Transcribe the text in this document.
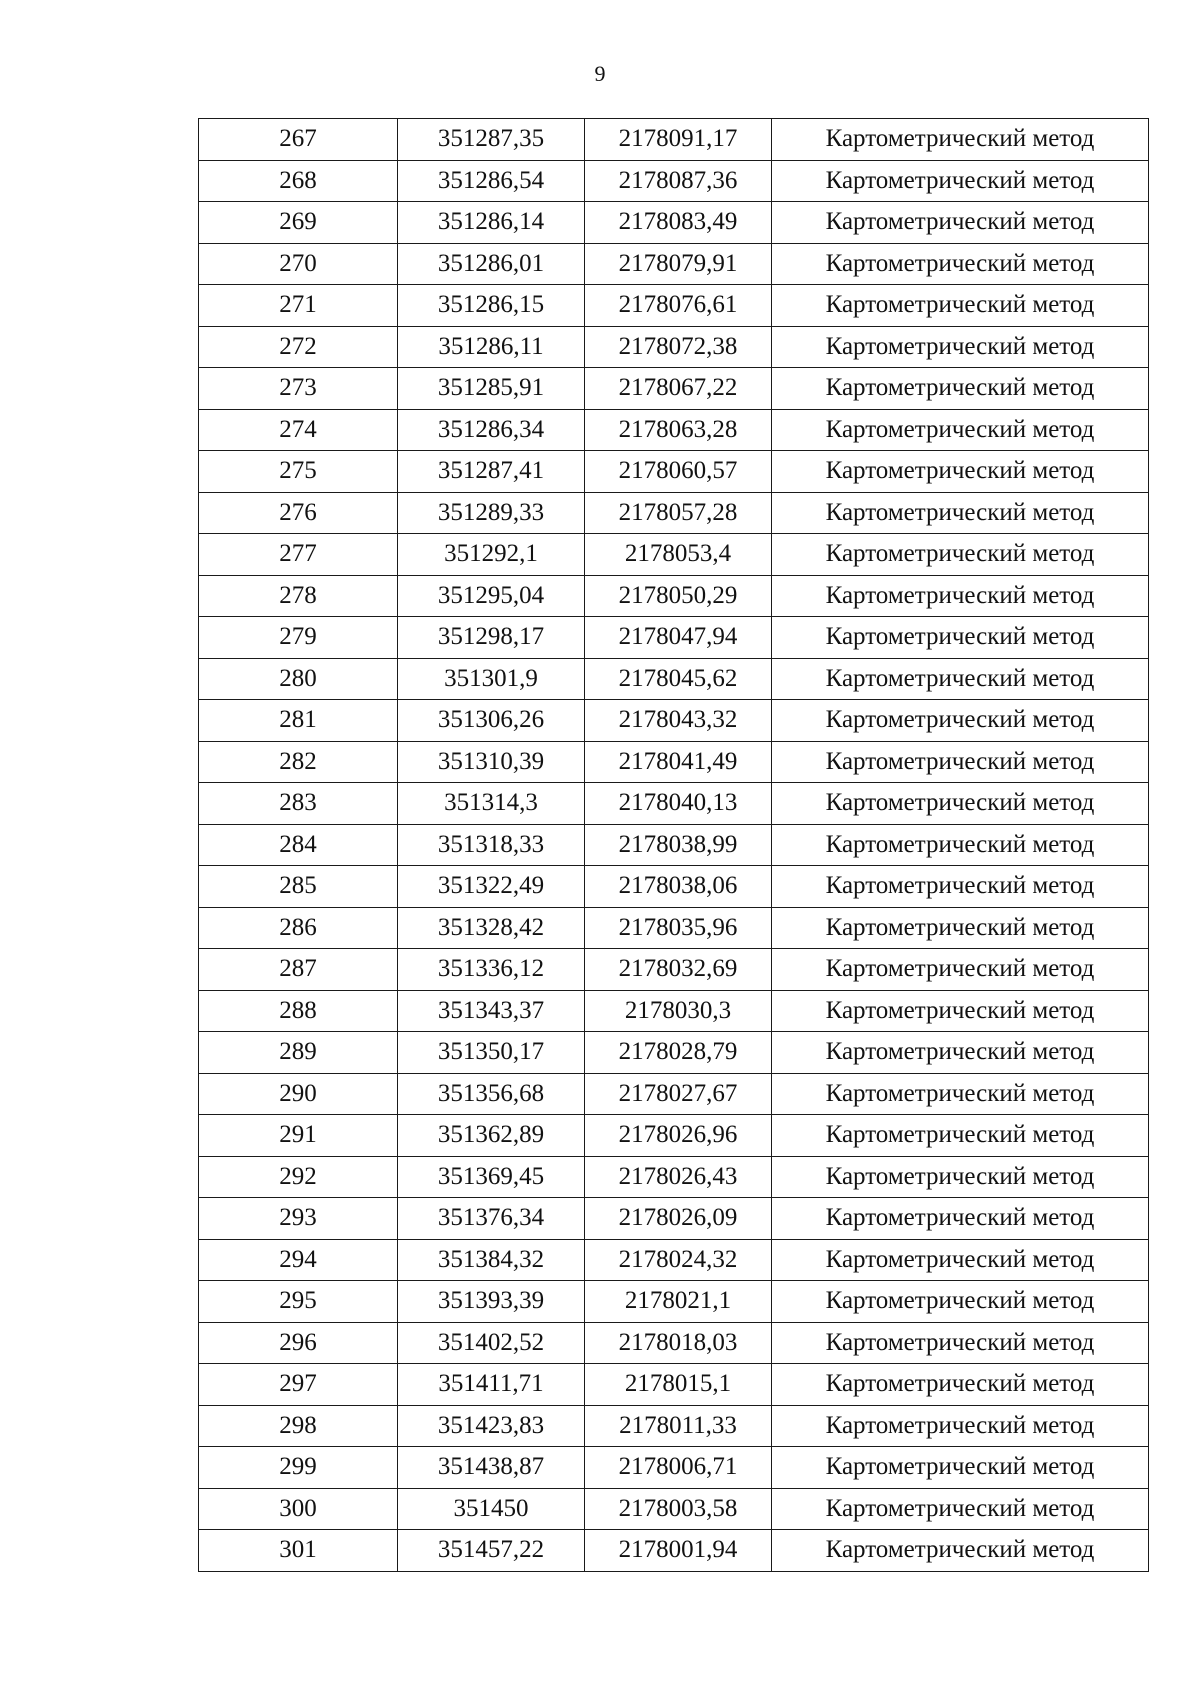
9
267	351287,35	2178091,17	Картометрический метод
268	351286,54	2178087,36	Картометрический метод
269	351286,14	2178083,49	Картометрический метод
270	351286,01	2178079,91	Картометрический метод
271	351286,15	2178076,61	Картометрический метод
272	351286,11	2178072,38	Картометрический метод
273	351285,91	2178067,22	Картометрический метод
274	351286,34	2178063,28	Картометрический метод
275	351287,41	2178060,57	Картометрический метод
276	351289,33	2178057,28	Картометрический метод
277	351292,1	2178053,4	Картометрический метод
278	351295,04	2178050,29	Картометрический метод
279	351298,17	2178047,94	Картометрический метод
280	351301,9	2178045,62	Картометрический метод
281	351306,26	2178043,32	Картометрический метод
282	351310,39	2178041,49	Картометрический метод
283	351314,3	2178040,13	Картометрический метод
284	351318,33	2178038,99	Картометрический метод
285	351322,49	2178038,06	Картометрический метод
286	351328,42	2178035,96	Картометрический метод
287	351336,12	2178032,69	Картометрический метод
288	351343,37	2178030,3	Картометрический метод
289	351350,17	2178028,79	Картометрический метод
290	351356,68	2178027,67	Картометрический метод
291	351362,89	2178026,96	Картометрический метод
292	351369,45	2178026,43	Картометрический метод
293	351376,34	2178026,09	Картометрический метод
294	351384,32	2178024,32	Картометрический метод
295	351393,39	2178021,1	Картометрический метод
296	351402,52	2178018,03	Картометрический метод
297	351411,71	2178015,1	Картометрический метод
298	351423,83	2178011,33	Картометрический метод
299	351438,87	2178006,71	Картометрический метод
300	351450	2178003,58	Картометрический метод
301	351457,22	2178001,94	Картометрический метод
